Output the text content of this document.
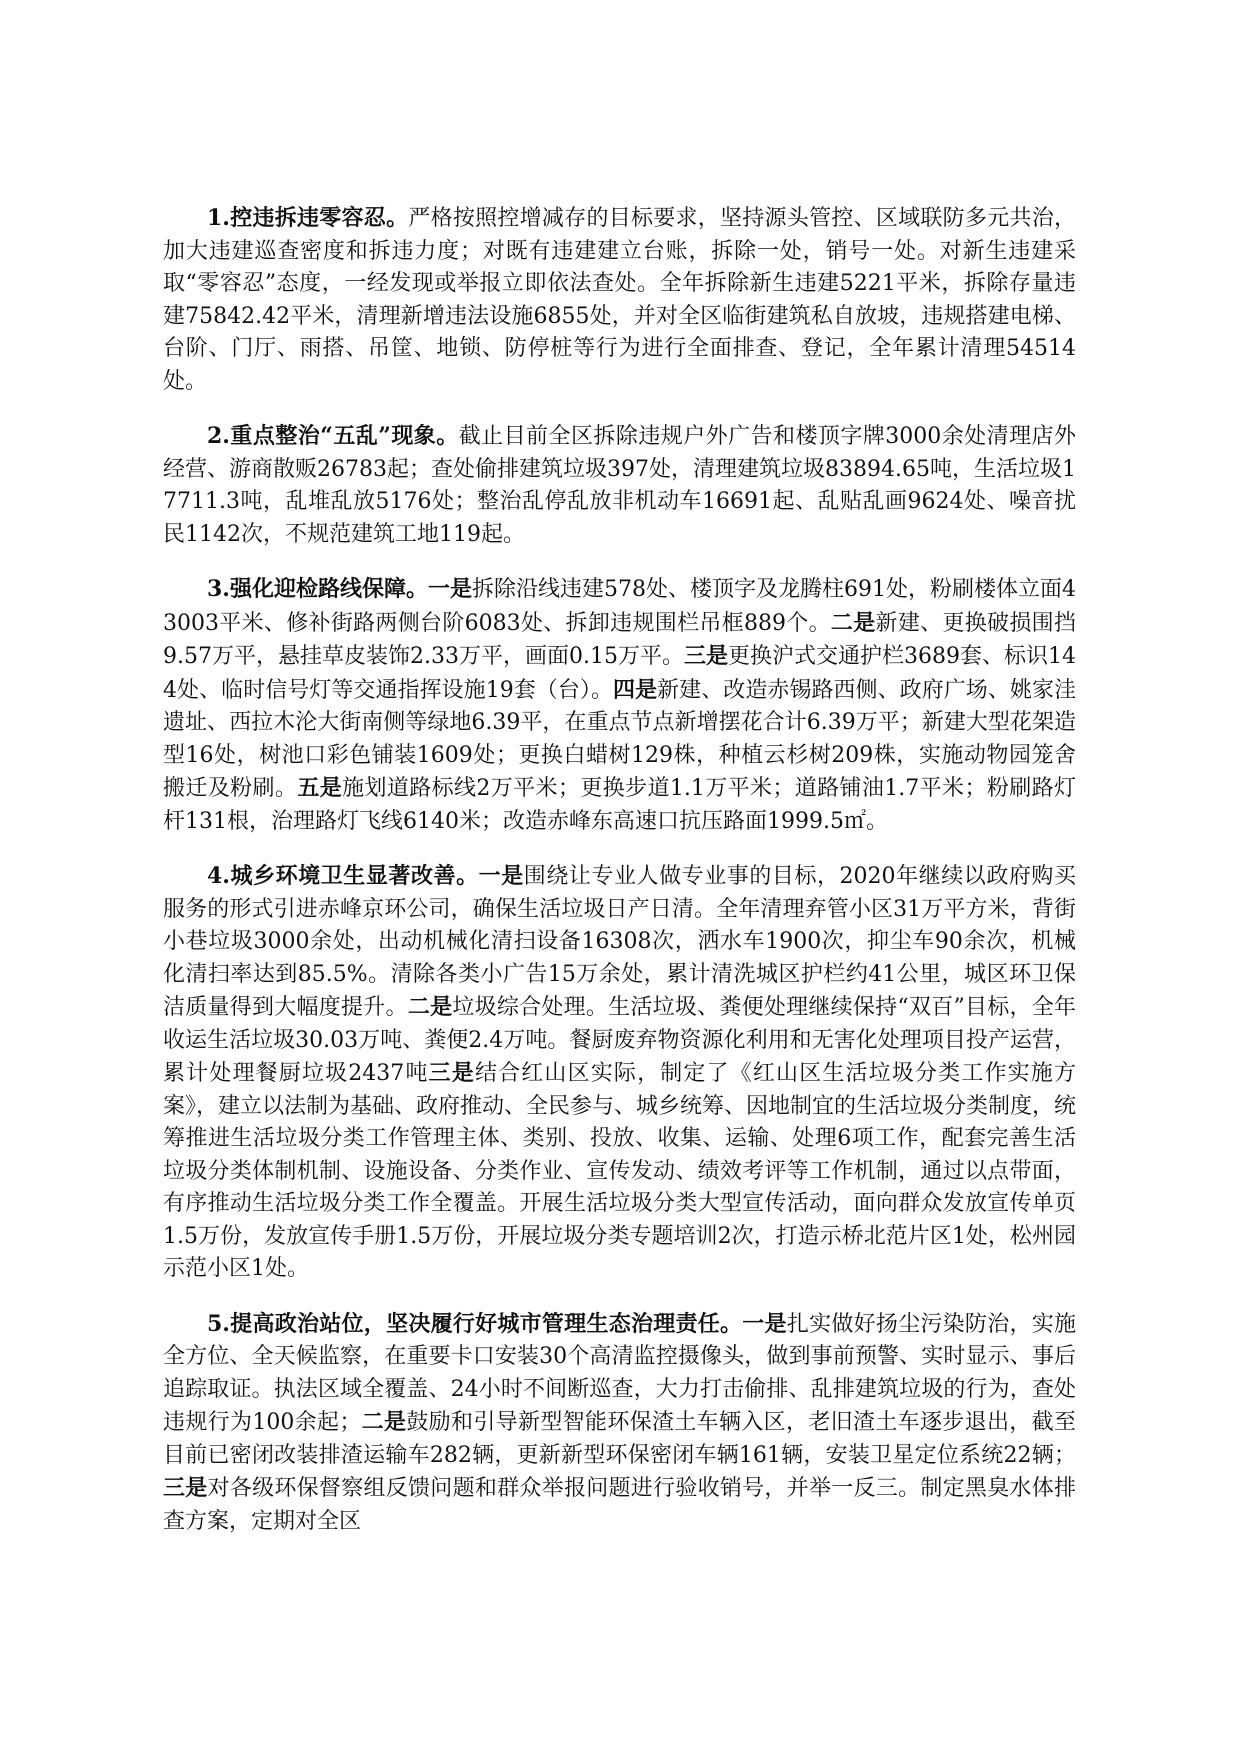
1.控违拆违零容忍。严格按照控增减存的目标要求，坚持源头管控、区域联防多元共治，加大违建巡查密度和拆违力度；对既有违建建立台账，拆除一处，销号一处。对新生违建采取“零容忍”态度，一经发现或举报立即依法查处。全年拆除新生违建5221平米，拆除存量违建75842.42平米，清理新增违法设施6855处，并对全区临街建筑私自放坡，违规搭建电梯、台阶、门厅、雨搭、吊筐、地锁、防停桩等行为进行全面排查、登记，全年累计清理54514处。

2.重点整治“五乱”现象。截止目前全区拆除违规户外广告和楼顶字牌3000余处清理店外经营、游商散贩26783起；查处偷排建筑垃圾397处，清理建筑垃圾83894.65吨，生活垃圾17711.3吨，乱堆乱放5176处；整治乱停乱放非机动车16691起、乱贴乱画9624处、噪音扰民1142次，不规范建筑工地119起。

3.强化迎检路线保障。一是拆除沿线违建578处、楼顶字及龙腾柱691处，粉刷楼体立面43003平米、修补街路两侧台阶6083处、拆卸违规围栏吊框889个。二是新建、更换破损围挡9.57万平，悬挂草皮装饰2.33万平，画面0.15万平。三是更换沪式交通护栏3689套、标识144处、临时信号灯等交通指挥设施19套（台）。四是新建、改造赤锡路西侧、政府广场、姚家洼遗址、西拉木沦大街南侧等绿地6.39平，在重点节点新增摆花合计6.39万平；新建大型花架造型16处，树池口彩色铺装1609处；更换白蜡树129株，种植云杉树209株，实施动物园笼舍搬迁及粉刷。五是施划道路标线2万平米；更换步道1.1万平米；道路铺油1.7平米；粉刷路灯杆131根，治理路灯飞线6140米；改造赤峰东高速口抗压路面1999.5㎡。

4.城乡环境卫生显著改善。一是围绕让专业人做专业事的目标，2020年继续以政府购买服务的形式引进赤峰京环公司，确保生活垃圾日产日清。全年清理弃管小区31万平方米，背街小巷垃圾3000余处，出动机械化清扫设备16308次，洒水车1900次，抑尘车90余次，机械化清扫率达到85.5%。清除各类小广告15万余处，累计清洗城区护栏约41公里，城区环卫保洁质量得到大幅度提升。二是垃圾综合处理。生活垃圾、粪便处理继续保持“双百”目标，全年收运生活垃圾30.03万吨、粪便2.4万吨。餐厨废弃物资源化利用和无害化处理项目投产运营，累计处理餐厨垃圾2437吨三是结合红山区实际，制定了《红山区生活垃圾分类工作实施方案》，建立以法制为基础、政府推动、全民参与、城乡统筹、因地制宜的生活垃圾分类制度，统筹推进生活垃圾分类工作管理主体、类别、投放、收集、运输、处理6项工作，配套完善生活垃圾分类体制机制、设施设备、分类作业、宣传发动、绩效考评等工作机制，通过以点带面，有序推动生活垃圾分类工作全覆盖。开展生活垃圾分类大型宣传活动，面向群众发放宣传单页1.5万份，发放宣传手册1.5万份，开展垃圾分类专题培训2次，打造示桥北范片区1处，松州园示范小区1处。

5.提高政治站位，坚决履行好城市管理生态治理责任。一是扎实做好扬尘污染防治，实施全方位、全天候监察，在重要卡口安装30个高清监控摄像头，做到事前预警、实时显示、事后追踪取证。执法区域全覆盖、24小时不间断巡查，大力打击偷排、乱排建筑垃圾的行为，查处违规行为100余起；二是鼓励和引导新型智能环保渣土车辆入区，老旧渣土车逐步退出，截至目前已密闭改装排渣运输车282辆，更新新型环保密闭车辆161辆，安装卫星定位系统22辆；三是对各级环保督察组反馈问题和群众举报问题进行验收销号，并举一反三。制定黑臭水体排查方案，定期对全区
